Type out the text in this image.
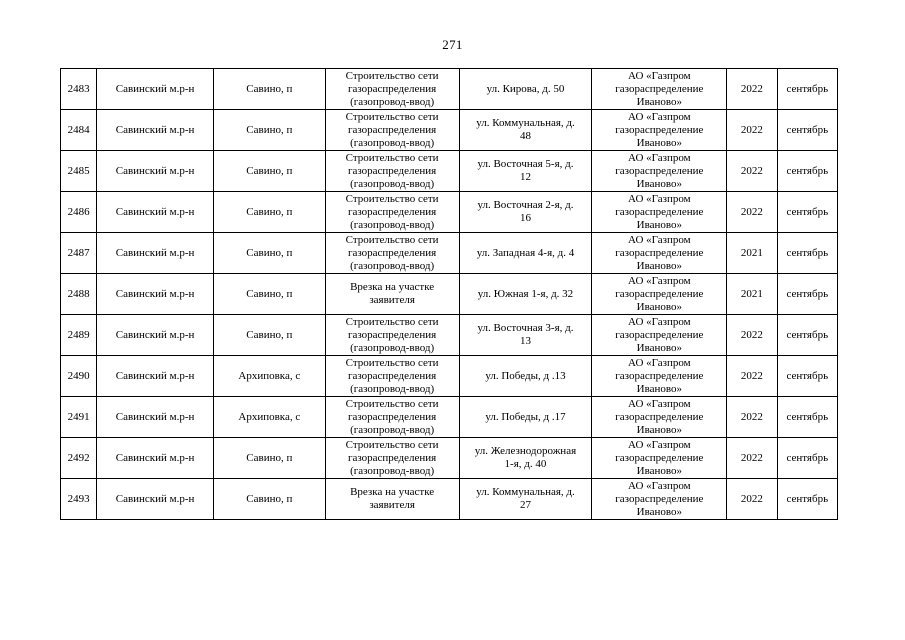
271
2483	Савинский м.р-н	Савино, п	Строительство сети
газораспределения
(газопровод-ввод)	ул. Кирова, д. 50	АО «Газпром
газораспределение
Иваново»	2022	сентябрь
2484	Савинский м.р-н	Савино, п	Строительство сети
газораспределения
(газопровод-ввод)	ул. Коммунальная, д.
48	АО «Газпром
газораспределение
Иваново»	2022	сентябрь
2485	Савинский м.р-н	Савино, п	Строительство сети
газораспределения
(газопровод-ввод)	ул. Восточная 5-я, д.
12	АО «Газпром
газораспределение
Иваново»	2022	сентябрь
2486	Савинский м.р-н	Савино, п	Строительство сети
газораспределения
(газопровод-ввод)	ул. Восточная 2-я, д.
16	АО «Газпром
газораспределение
Иваново»	2022	сентябрь
2487	Савинский м.р-н	Савино, п	Строительство сети
газораспределения
(газопровод-ввод)	ул. Западная 4-я, д. 4	АО «Газпром
газораспределение
Иваново»	2021	сентябрь
2488	Савинский м.р-н	Савино, п	Врезка на участке
заявителя	ул. Южная 1-я, д. 32	АО «Газпром
газораспределение
Иваново»	2021	сентябрь
2489	Савинский м.р-н	Савино, п	Строительство сети
газораспределения
(газопровод-ввод)	ул. Восточная 3-я, д.
13	АО «Газпром
газораспределение
Иваново»	2022	сентябрь
2490	Савинский м.р-н	Архиповка, с	Строительство сети
газораспределения
(газопровод-ввод)	ул. Победы, д .13	АО «Газпром
газораспределение
Иваново»	2022	сентябрь
2491	Савинский м.р-н	Архиповка, с	Строительство сети
газораспределения
(газопровод-ввод)	ул. Победы, д .17	АО «Газпром
газораспределение
Иваново»	2022	сентябрь
2492	Савинский м.р-н	Савино, п	Строительство сети
газораспределения
(газопровод-ввод)	ул. Железнодорожная
1-я, д. 40	АО «Газпром
газораспределение
Иваново»	2022	сентябрь
2493	Савинский м.р-н	Савино, п	Врезка на участке
заявителя	ул. Коммунальная, д.
27	АО «Газпром
газораспределение
Иваново»	2022	сентябрь
